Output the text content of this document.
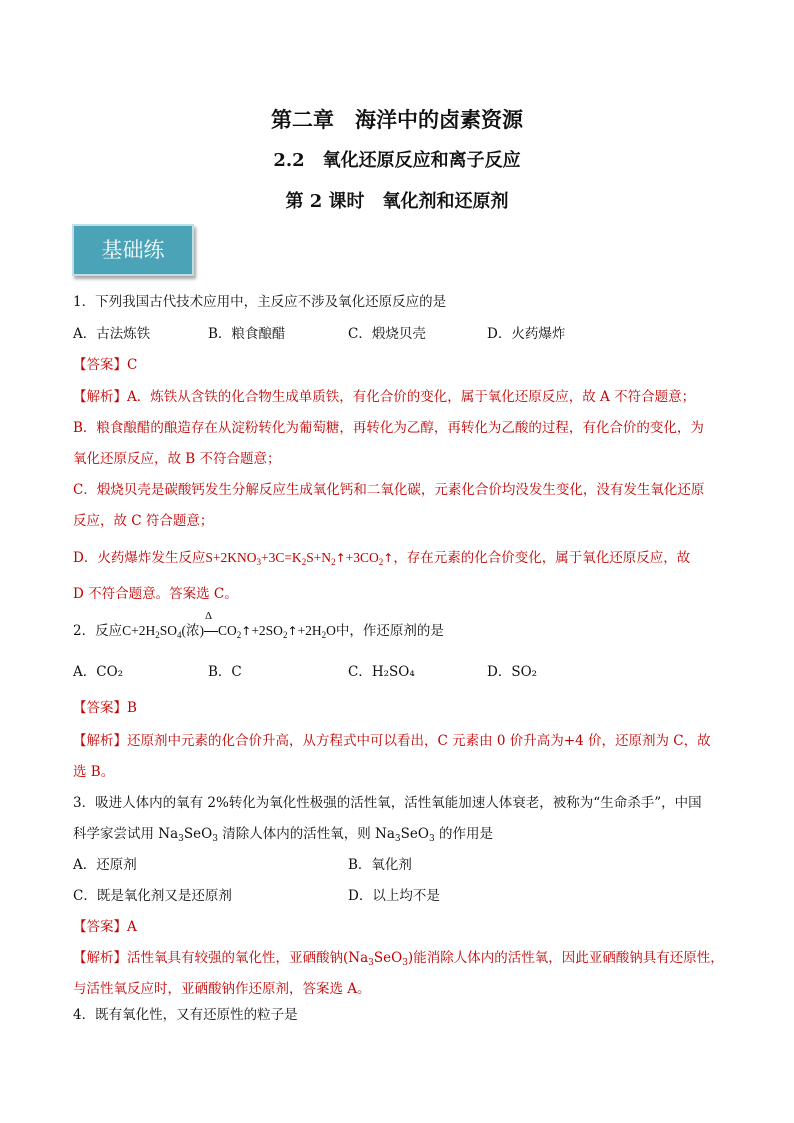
第二章　海洋中的卤素资源
2.2　氧化还原反应和离子反应
第 2 课时　氧化剂和还原剂
基础练
1．下列我国古代技术应用中，主反应不涉及氧化还原反应的是
A．古法炼铁	B．粮食酿醋	C．煅烧贝壳	D．火药爆炸
【答案】C
【解析】A．炼铁从含铁的化合物生成单质铁，有化合价的变化，属于氧化还原反应，故 A 不符合题意；
B．粮食酿醋的酿造存在从淀粉转化为葡萄糖，再转化为乙醇，再转化为乙酸的过程，有化合价的变化，为
氧化还原反应，故 B 不符合题意；
C．煅烧贝壳是碳酸钙发生分解反应生成氧化钙和二氧化碳，元素化合价均没发生变化，没有发生氧化还原
反应，故 C 符合题意；
D．火药爆炸发生反应$S+2KNO_3+3C=K_2S+N_2↑+3CO_2↑$，存在元素的化合价变化，属于氧化还原反应，故
D 不符合题意。答案选 C。
2．反应$C+2H_2SO_4$(浓)
Δ
$CO_2↑+2SO_2↑+2H_2O$中，作还原剂的是
A．CO₂	B．C	C．H₂SO₄	D．SO₂
【答案】B
【解析】还原剂中元素的化合价升高，从方程式中可以看出，C 元素由 0 价升高为+4 价，还原剂为 C，故
选 B。
3．吸进人体内的氧有 2%转化为氧化性极强的活性氧，活性氧能加速人体衰老，被称为“生命杀手”，中国
科学家尝试用 $Na_3SeO_3$ 清除人体内的活性氧，则 $Na_3SeO_3$ 的作用是
A．还原剂	B．氧化剂
C．既是氧化剂又是还原剂	D．以上均不是
【答案】A
【解析】活性氧具有较强的氧化性，亚硒酸钠$(Na_3SeO_3)$能消除人体内的活性氧，因此亚硒酸钠具有还原性，
与活性氧反应时，亚硒酸钠作还原剂，答案选 A。
4．既有氧化性，又有还原性的粒子是
